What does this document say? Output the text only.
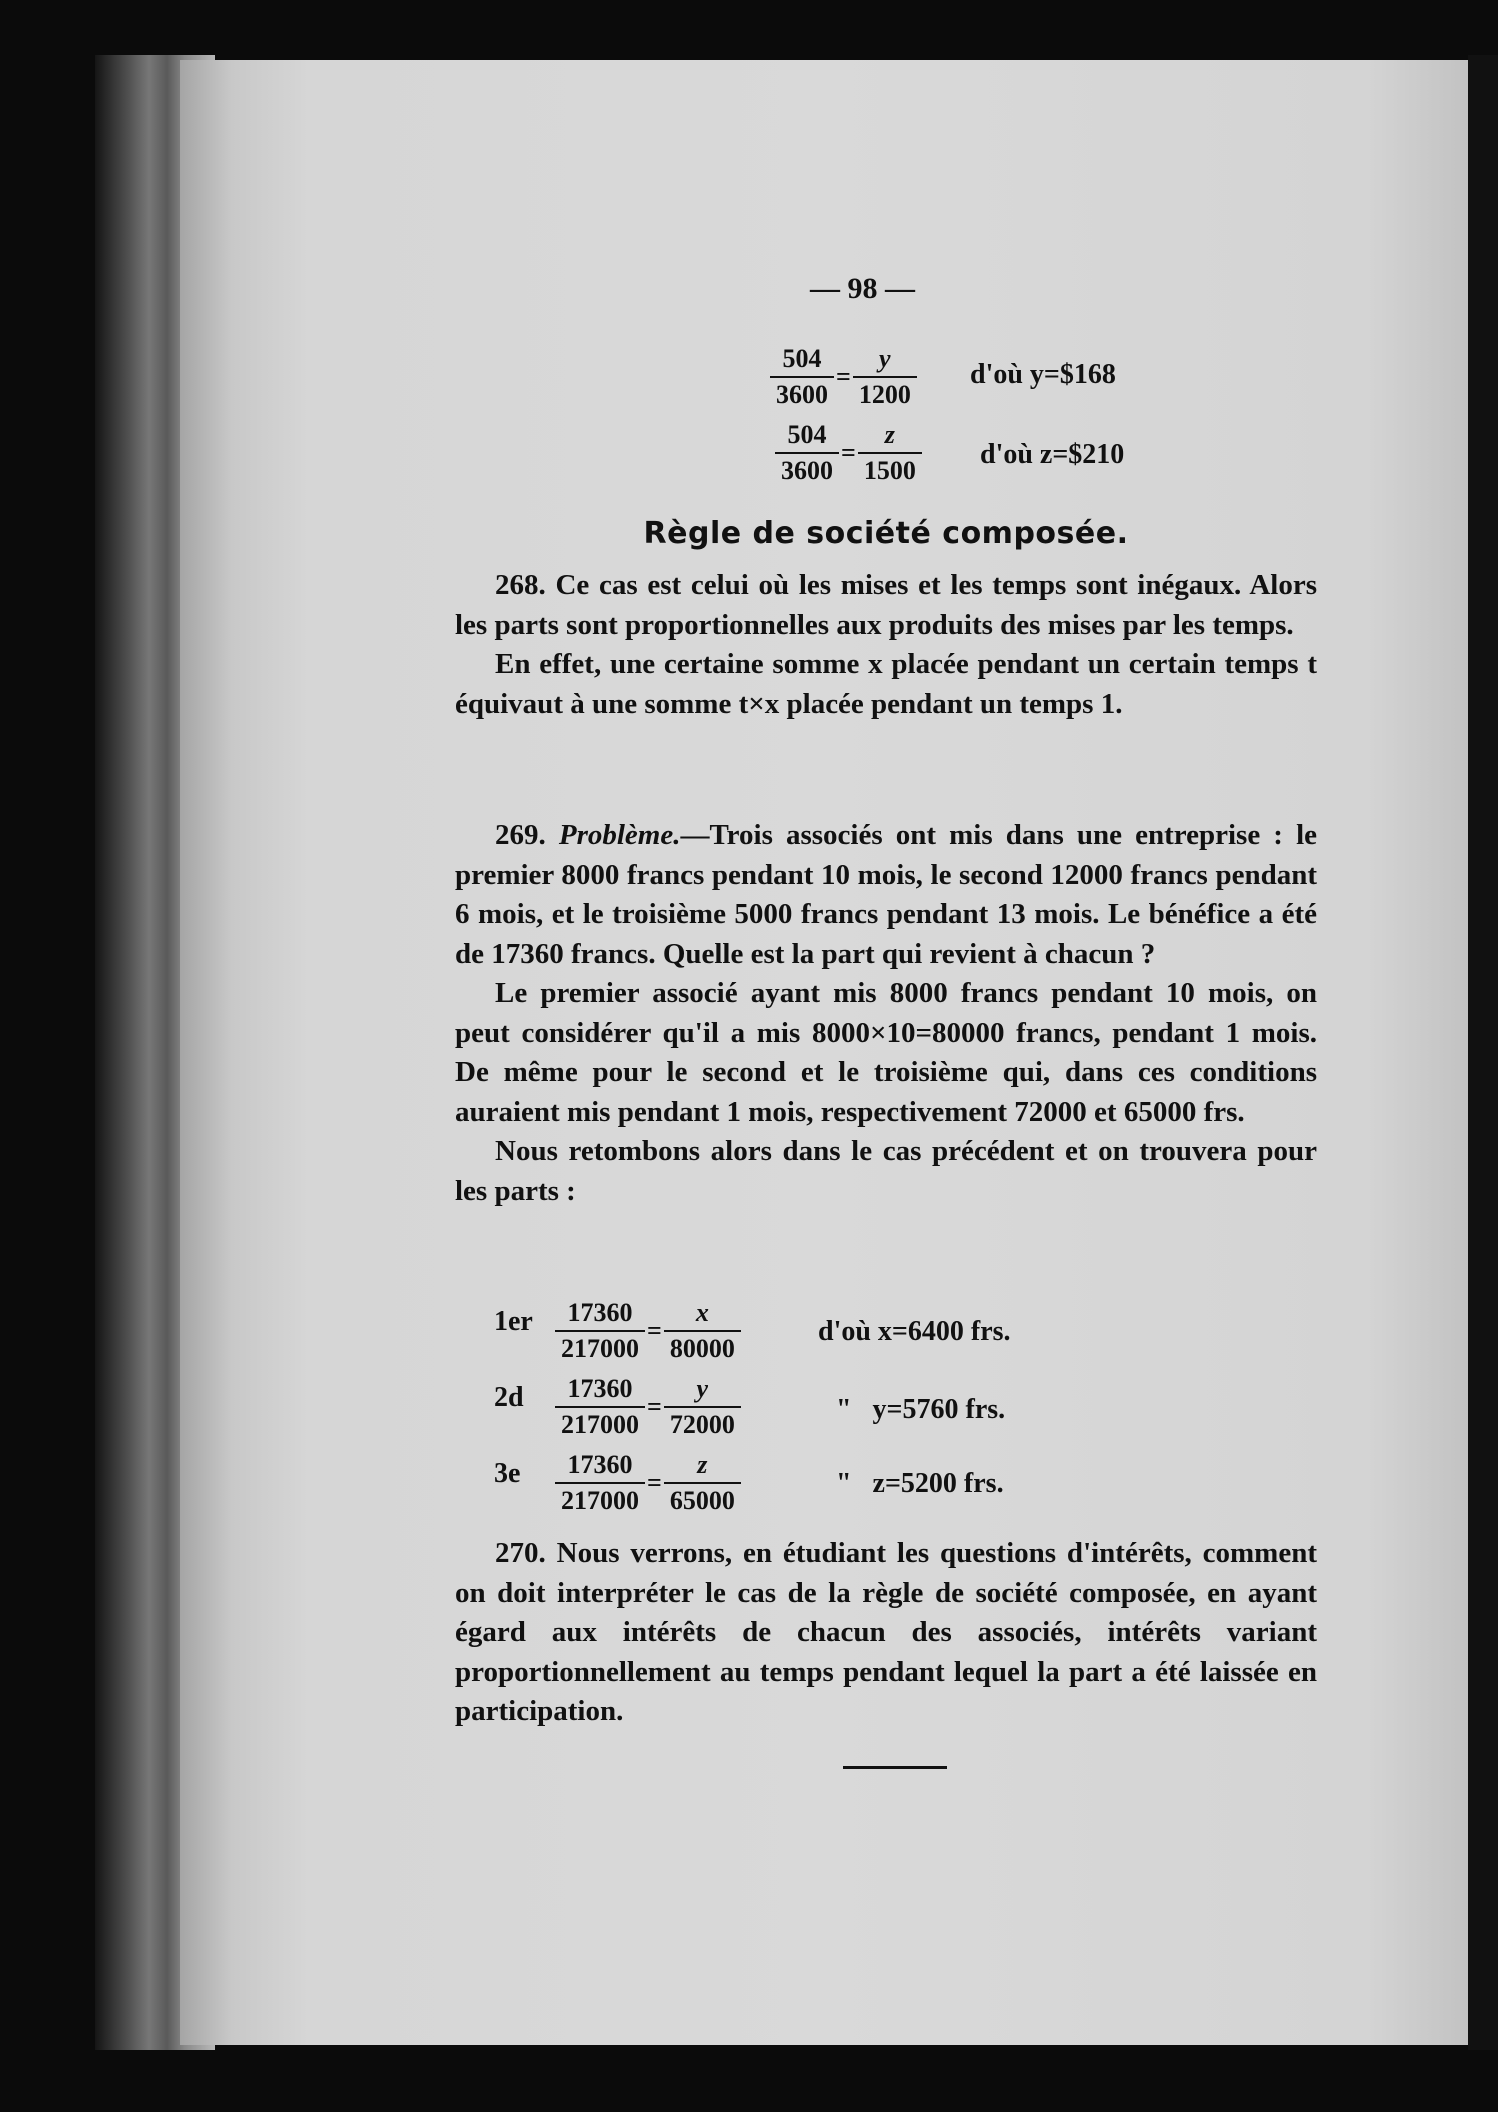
— 98 —
$\frac{504}{3600} = \frac{y}{1200}$ d'où y=$168
$\frac{504}{3600} = \frac{z}{1500}$ d'où z=$210
Règle de société composée.

268. Ce cas est celui où les mises et les temps sont inégaux. Alors les parts sont proportionnelles aux produits des mises par les temps.

En effet, une certaine somme x placée pendant un certain temps t équivaut à une somme t×x placée pendant un temps 1.

269. Problème.—Trois associés ont mis dans une entreprise : le premier 8000 francs pendant 10 mois, le second 12000 francs pendant 6 mois, et le troisième 5000 francs pendant 13 mois. Le bénéfice a été de 17360 francs. Quelle est la part qui revient à chacun ?

Le premier associé ayant mis 8000 francs pendant 10 mois, on peut considérer qu'il a mis 8000×10=80000 francs, pendant 1 mois. De même pour le second et le troisième qui, dans ces conditions auraient mis pendant 1 mois, respectivement 72000 et 65000 frs.

Nous retombons alors dans le cas précédent et on trouvera pour les parts :

$1er \frac{17360}{217000} = \frac{x}{80000}$	d'où x=6400 frs.
$2d \frac{17360}{217000} = \frac{y}{72000}$	"   y=5760 frs.
$3e \frac{17360}{217000} = \frac{z}{65000}$	"   z=5200 frs.

270. Nous verrons, en étudiant les questions d'intérêts, comment on doit interpréter le cas de la règle de société composée, en ayant égard aux intérêts de chacun des associés, intérêts variant proportionnellement au temps pendant lequel la part a été laissée en participation.
